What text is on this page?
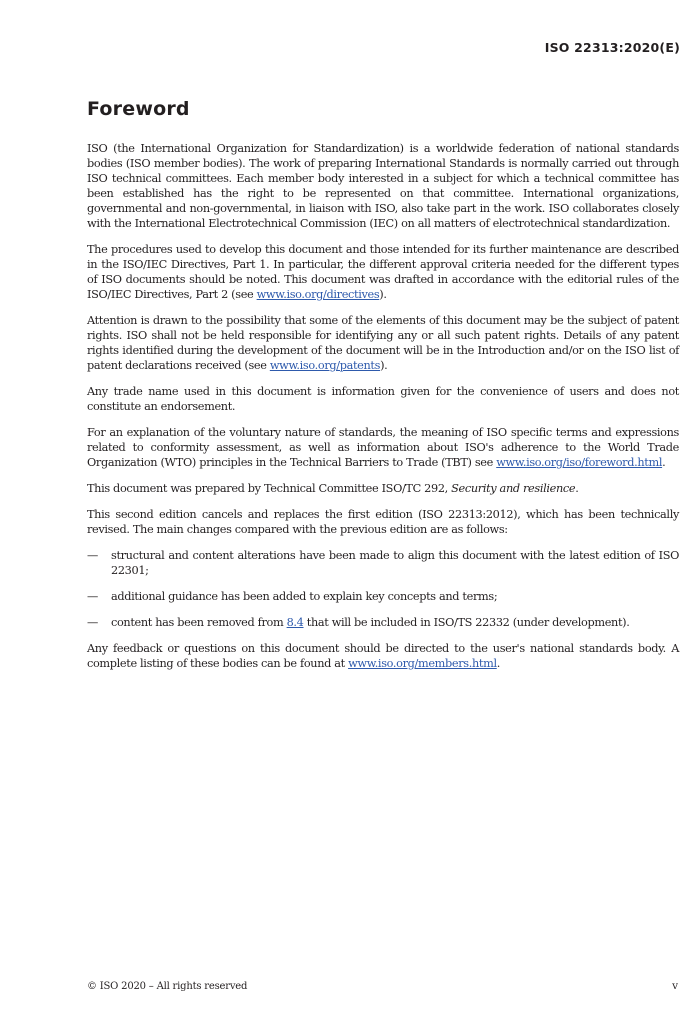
ISO 22313:2020(E)
Foreword

ISO (the International Organization for Standardization) is a worldwide federation of national standards bodies (ISO member bodies). The work of preparing International Standards is normally carried out through ISO technical committees. Each member body interested in a subject for which a technical committee has been established has the right to be represented on that committee. International organizations, governmental and non-governmental, in liaison with ISO, also take part in the work. ISO collaborates closely with the International Electrotechnical Commission (IEC) on all matters of electrotechnical standardization.

The procedures used to develop this document and those intended for its further maintenance are described in the ISO/IEC Directives, Part 1. In particular, the different approval criteria needed for the different types of ISO documents should be noted. This document was drafted in accordance with the editorial rules of the ISO/IEC Directives, Part 2 (see www.iso.org/directives).

Attention is drawn to the possibility that some of the elements of this document may be the subject of patent rights. ISO shall not be held responsible for identifying any or all such patent rights. Details of any patent rights identified during the development of the document will be in the Introduction and/or on the ISO list of patent declarations received (see www.iso.org/patents).

Any trade name used in this document is information given for the convenience of users and does not constitute an endorsement.

For an explanation of the voluntary nature of standards, the meaning of ISO specific terms and expressions related to conformity assessment, as well as information about ISO's adherence to the World Trade Organization (WTO) principles in the Technical Barriers to Trade (TBT) see www.iso.org/iso/foreword.html.

This document was prepared by Technical Committee ISO/TC 292, Security and resilience.

This second edition cancels and replaces the first edition (ISO 22313:2012), which has been technically revised. The main changes compared with the previous edition are as follows:

— structural and content alterations have been made to align this document with the latest edition of ISO 22301;
— additional guidance has been added to explain key concepts and terms;
— content has been removed from 8.4 that will be included in ISO/TS 22332 (under development).

Any feedback or questions on this document should be directed to the user's national standards body. A complete listing of these bodies can be found at www.iso.org/members.html.

© ISO 2020 – All rights reserved	v
